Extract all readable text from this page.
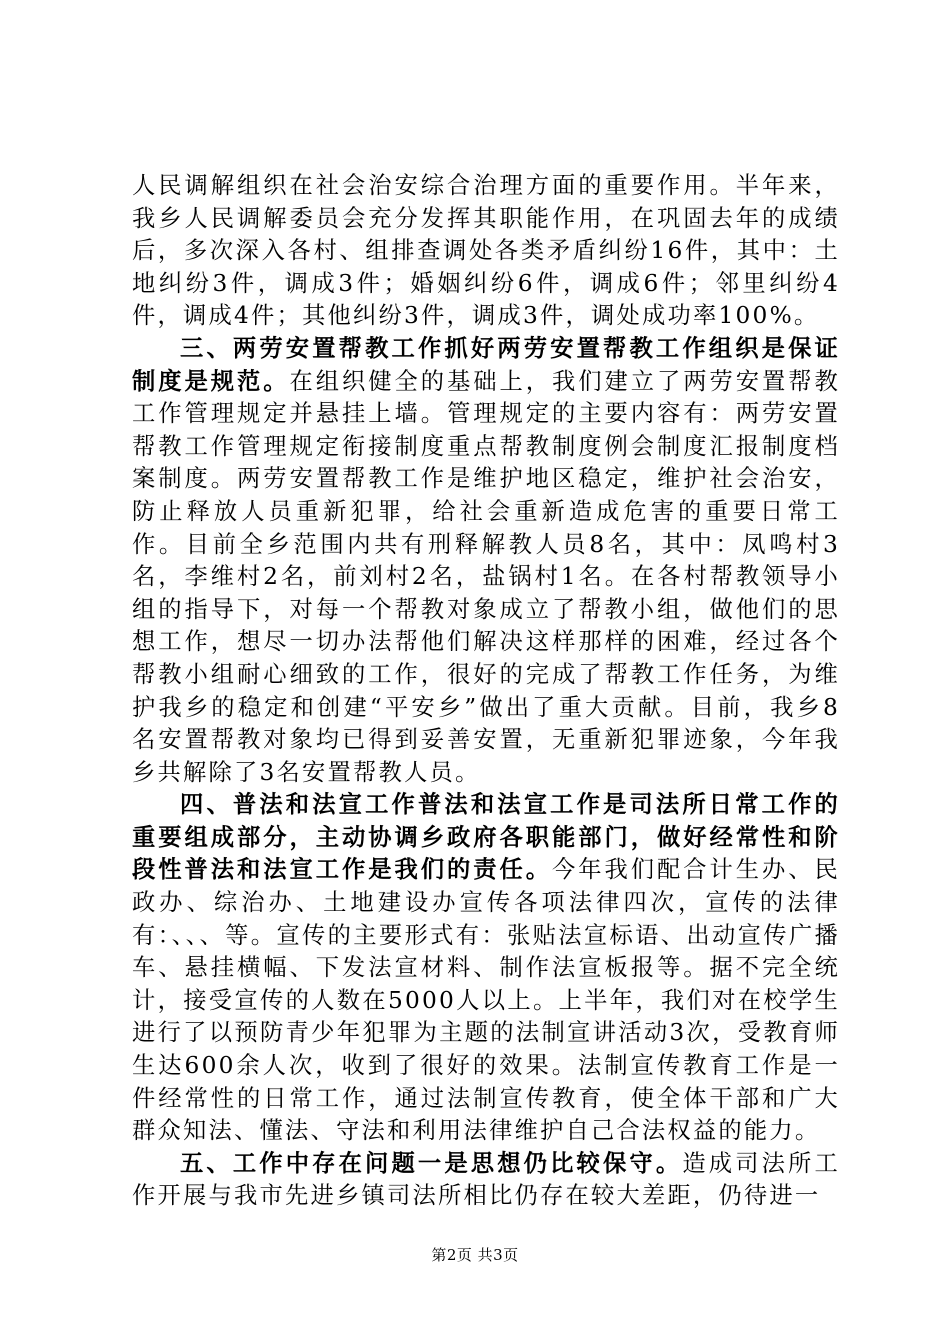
人民调解组织在社会治安综合治理方面的重要作用。半年来，我乡人民调解委员会充分发挥其职能作用，在巩固去年的成绩后，多次深入各村、组排查调处各类矛盾纠纷16件，其中：土地纠纷3件，调成3件；婚姻纠纷6件，调成6件；邻里纠纷4件，调成4件；其他纠纷3件，调成3件，调处成功率100%。

三、两劳安置帮教工作抓好两劳安置帮教工作组织是保证制度是规范。在组织健全的基础上，我们建立了两劳安置帮教工作管理规定并悬挂上墙。管理规定的主要内容有：两劳安置帮教工作管理规定衔接制度重点帮教制度例会制度汇报制度档案制度。两劳安置帮教工作是维护地区稳定，维护社会治安，防止释放人员重新犯罪，给社会重新造成危害的重要日常工作。目前全乡范围内共有刑释解教人员8名，其中：凤鸣村3名，李维村2名，前刘村2名，盐锅村1名。在各村帮教领导小组的指导下，对每一个帮教对象成立了帮教小组，做他们的思想工作，想尽一切办法帮他们解决这样那样的困难，经过各个帮教小组耐心细致的工作，很好的完成了帮教工作任务，为维护我乡的稳定和创建“平安乡”做出了重大贡献。目前，我乡8名安置帮教对象均已得到妥善安置，无重新犯罪迹象，今年我乡共解除了3名安置帮教人员。

四、普法和法宣工作普法和法宣工作是司法所日常工作的重要组成部分，主动协调乡政府各职能部门，做好经常性和阶段性普法和法宣工作是我们的责任。今年我们配合计生办、民政办、综治办、土地建设办宣传各项法律四次，宣传的法律有：、、、等。宣传的主要形式有：张贴法宣标语、出动宣传广播车、悬挂横幅、下发法宣材料、制作法宣板报等。据不完全统计，接受宣传的人数在5000人以上。上半年，我们对在校学生进行了以预防青少年犯罪为主题的法制宣讲活动3次，受教育师生达600余人次，收到了很好的效果。法制宣传教育工作是一件经常性的日常工作，通过法制宣传教育，使全体干部和广大群众知法、懂法、守法和利用法律维护自己合法权益的能力。

五、工作中存在问题一是思想仍比较保守。造成司法所工作开展与我市先进乡镇司法所相比仍存在较大差距，仍待进一

第2页 共3页
